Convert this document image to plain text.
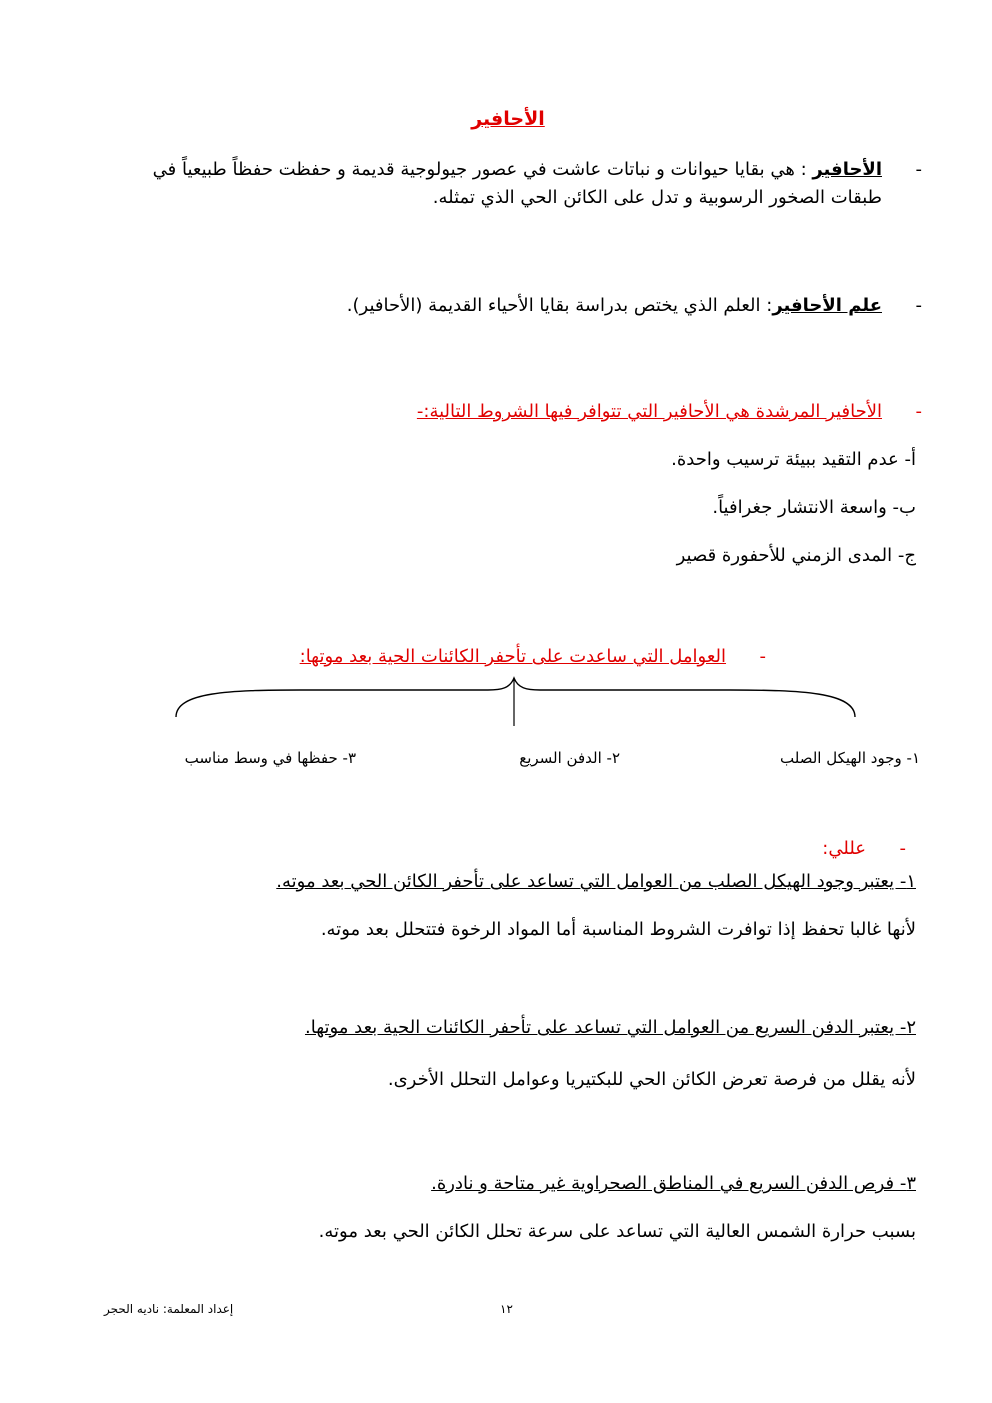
الأحافير
-
الأحافير : هي بقايا حيوانات و نباتات عاشت في عصور جيولوجية قديمة و حفظت حفظاً طبيعياً في طبقات الصخور الرسوبية و تدل على الكائن الحي الذي تمثله.
-
علم الأحافير: العلم الذي يختص بدراسة بقايا الأحياء القديمة (الأحافير).
-
الأحافير المرشدة هي الأحافير التي تتوافر فيها الشروط التالية:-
أ- عدم التقيد ببيئة ترسيب واحدة.
ب- واسعة الانتشار جغرافياً.
ج- المدى الزمني للأحفورة قصير
-  العوامل التي ساعدت على تأحفر الكائنات الحية بعد موتها:
١- وجود الهيكل الصلب
٢- الدفن السريع
٣- حفظها في وسط مناسب
-  عللي:
١- يعتبر وجود الهيكل الصلب من العوامل التي تساعد على تأحفر الكائن الحي بعد موته.
لأنها غالبا تحفظ إذا توافرت الشروط المناسبة أما المواد الرخوة فتتحلل بعد موته.
٢- يعتبر الدفن السريع من العوامل التي تساعد على تأحفر الكائنات الحية بعد موتها.
لأنه يقلل من فرصة تعرض الكائن الحي للبكتيريا وعوامل التحلل الأخرى.
٣- فرص الدفن السريع في المناطق الصحراوية غير متاحة و نادرة.
بسبب حرارة الشمس العالية التي تساعد على سرعة تحلل الكائن الحي بعد موته.
١٢
إعداد المعلمة: ناديه الحجر
